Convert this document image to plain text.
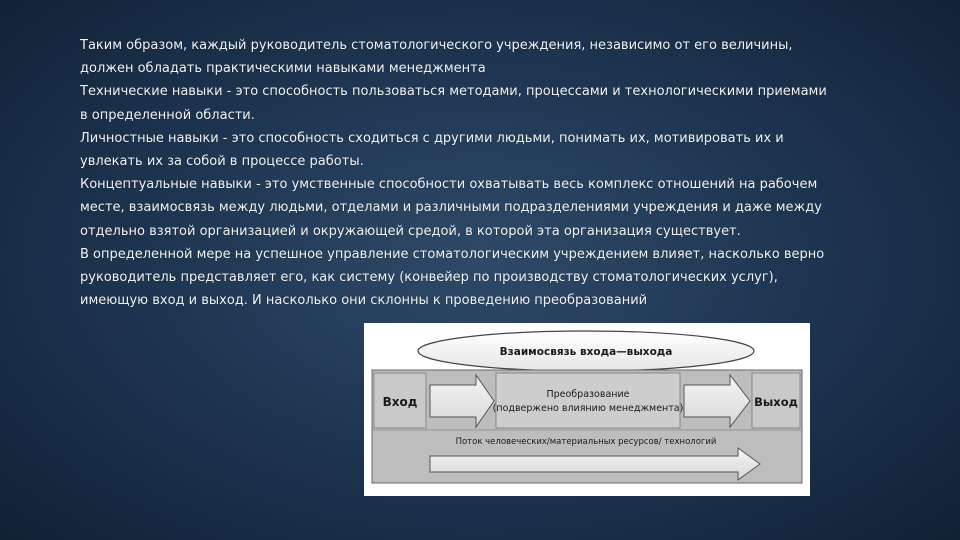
Таким образом, каждый руководитель стоматологического учреждения, независимо от его величины,
должен обладать практическими навыками менеджмента

Технические навыки - это способность пользоваться методами, процессами и технологическими приемами
в определенной области.

Личностные навыки - это способность сходиться с другими людьми, понимать их, мотивировать их и
увлекать их за собой в процессе работы.

Концептуальные навыки - это умственные способности охватывать весь комплекс отношений на рабочем
месте, взаимосвязь между людьми, отделами и различными подразделениями учреждения и даже между
отдельно взятой организацией и окружающей средой, в которой эта организация существует.

В определенной мере на успешное управление стоматологическим учреждением влияет, насколько верно
руководитель представляет его, как систему (конвейер по производству стоматологических услуг),
имеющую вход и выход. И насколько они склонны к проведению преобразований

Взаимосвязь входа—выхода
Вход
Преобразование
(подвержено влиянию менеджмента)	Выход
Поток человеческих/материальных ресурсов/ технологий
